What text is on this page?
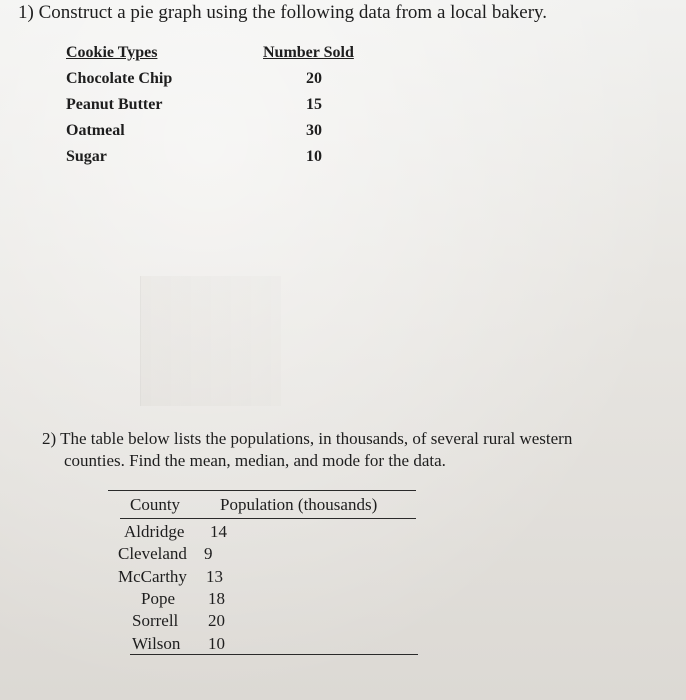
1) Construct a pie graph using the following data from a local bakery.
Cookie Types	Number Sold
Chocolate Chip	20
Peanut Butter	15
Oatmeal	30
Sugar	10
2) The table below lists the populations, in thousands, of several rural western
counties. Find the mean, median, and mode for the data.
County Population (thousands)
Aldridge 14
Cleveland 9
McCarthy 13
Pope 18
Sorrell 20
Wilson 10
